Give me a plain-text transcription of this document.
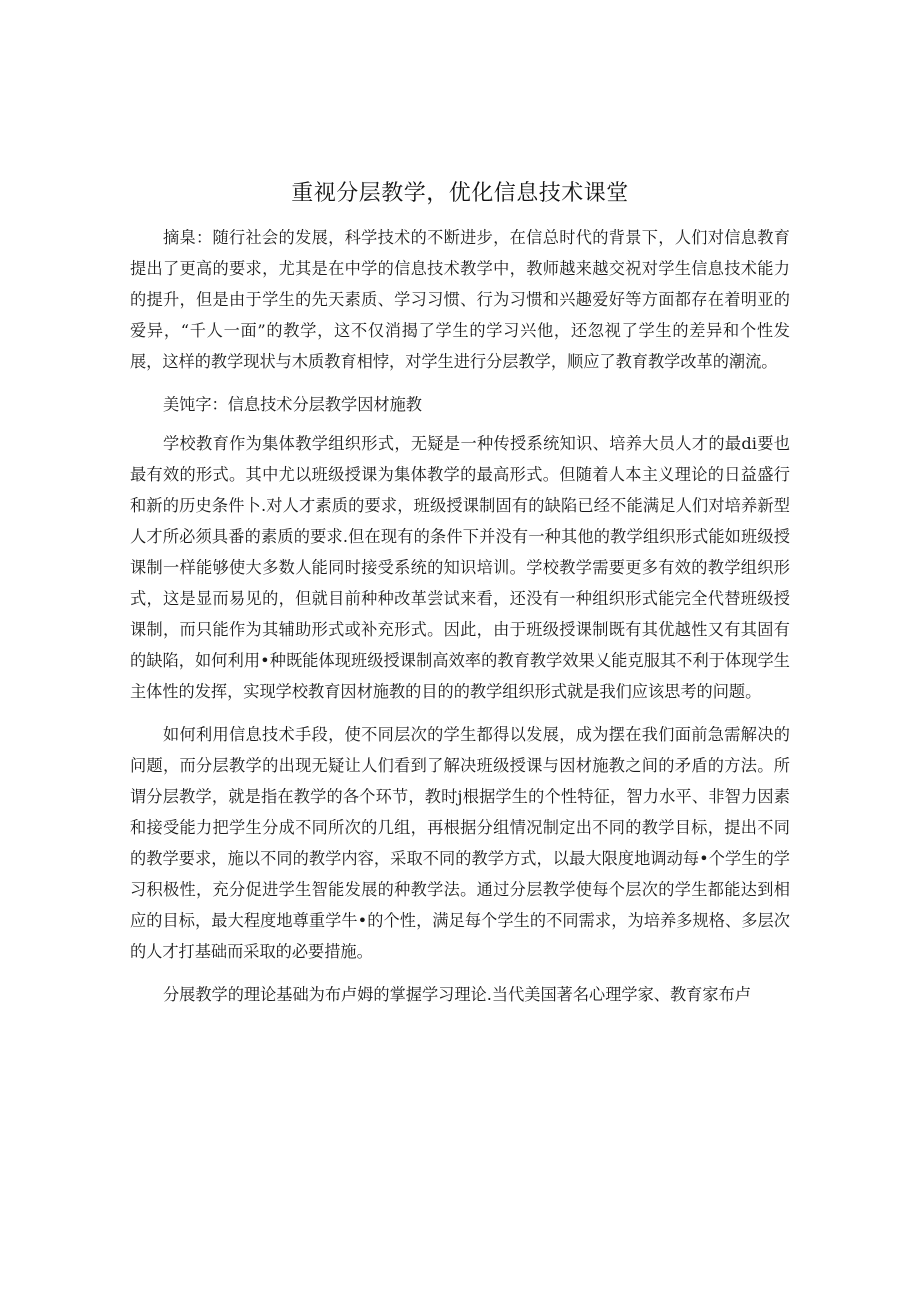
重视分层教学，优化信息技术课堂

摘臬：随行社会的发展，科学技术的不断进步，在信总时代的背景下，人们对信息教育提出了更高的要求，尤其是在中学的信息技术教学中，教师越来越交祝对学生信息技术能力的提升，但是由于学生的先天素质、学习习惯、行为习惯和兴趣爱好等方面都存在着明亚的爱异，“千人一面”的教学，这不仅消揭了学生的学习兴他，还忽视了学生的差异和个性发展，这样的教学现状与木质教育相悖，对学生进行分层教学，顺应了教育教学改革的潮流。

美饨字：信息技术分层教学因材施教

学校教育作为集体教学组织形式，无疑是一种传授系统知识、培养大员人才的最di要也最有效的形式。其中尤以班级授课为集体教学的最高形式。但随着人本主义理论的日益盛行和新的历史条件卜.对人才素质的要求，班级授课制固有的缺陷已经不能满足人们对培养新型人才所必须具番的素质的要求.但在现有的条件下并没有一种其他的教学组织形式能如班级授课制一样能够使大多数人能同时接受系统的知识培训。学校教学需要更多有效的教学组织形式，这是显而易见的，但就目前种种改革尝试来看，还没有一种组织形式能完全代替班级授课制，而只能作为其辅助形式或补充形式。因此，由于班级授课制既有其优越性又有其固有的缺陷，如何利用•种既能体现班级授课制高效率的教育教学效果乂能克服其不利于体现学生主体性的发挥，实现学校教育因材施教的目的的教学组织形式就是我们应该思考的问题。

如何利用信息技术手段，使不同层次的学生都得以发展，成为摆在我们面前急需解决的问题，而分层教学的出现无疑让人们看到了解决班级授课与因材施教之间的矛盾的方法。所谓分层教学，就是指在教学的各个环节，教时j根据学生的个性特征，智力水平、非智力因素和接受能力把学生分成不同所次的几组，再根据分组情况制定出不同的教学目标，提出不同的教学要求，施以不同的教学内容，采取不同的教学方式，以最大限度地调动每•个学生的学习积极性，充分促进学生智能发展的种教学法。通过分层教学使每个层次的学生都能达到相应的目标，最大程度地尊重学牛•的个性，满足每个学生的不同需求，为培养多规格、多层次的人才打基础而采取的必要措施。

分展教学的理论基础为布卢姆的掌握学习理论.当代美国著名心理学家、教育家布卢
